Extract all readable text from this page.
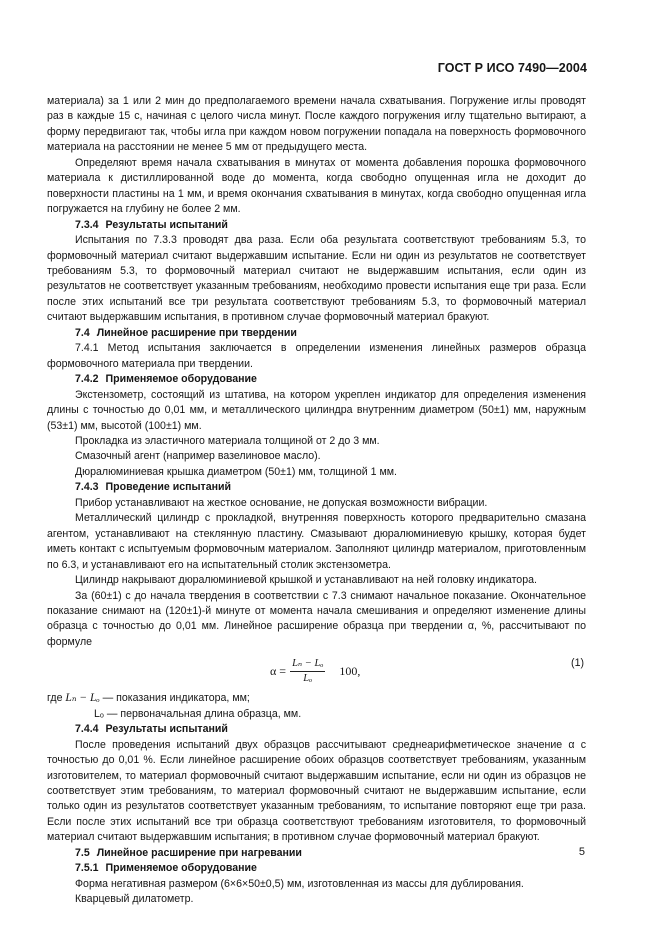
ГОСТ Р ИСО 7490—2004

материала) за 1 или 2 мин до предполагаемого времени начала схватывания. Погружение иглы проводят раз в каждые 15 с, начиная с целого числа минут. После каждого погружения иглу тщательно вытирают, а форму передвигают так, чтобы игла при каждом новом погружении попадала на поверхность формовочного материала на расстоянии не менее 5 мм от предыдущего места.

Определяют время начала схватывания в минутах от момента добавления порошка формовочного материала к дистиллированной воде до момента, когда свободно опущенная игла не доходит до поверхности пластины на 1 мм, и время окончания схватывания в минутах, когда свободно опущенная игла погружается на глубину не более 2 мм.

7.3.4 Результаты испытаний

Испытания по 7.3.3 проводят два раза. Если оба результата соответствуют требованиям 5.3, то формовочный материал считают выдержавшим испытание. Если ни один из результатов не соответствует требованиям 5.3, то формовочный материал считают не выдержавшим испытания, если один из результатов не соответствует указанным требованиям, необходимо провести испытания еще три раза. Если после этих испытаний все три результата соответствуют требованиям 5.3, то формовочный материал считают выдержавшим испытания, в противном случае формовочный материал бракуют.

7.4 Линейное расширение при твердении

7.4.1 Метод испытания заключается в определении изменения линейных размеров образца формовочного материала при твердении.

7.4.2 Применяемое оборудование

Экстензометр, состоящий из штатива, на котором укреплен индикатор для определения изменения длины с точностью до 0,01 мм, и металлического цилиндра внутренним диаметром (50±1) мм, наружным (53±1) мм, высотой (100±1) мм.

Прокладка из эластичного материала толщиной от 2 до 3 мм.

Смазочный агент (например вазелиновое масло).

Дюралюминиевая крышка диаметром (50±1) мм, толщиной 1 мм.

7.4.3 Проведение испытаний

Прибор устанавливают на жесткое основание, не допуская возможности вибрации.

Металлический цилиндр с прокладкой, внутренняя поверхность которого предварительно смазана агентом, устанавливают на стеклянную пластину. Смазывают дюралюминиевую крышку, которая будет иметь контакт с испытуемым формовочным материалом. Заполняют цилиндр материалом, приготовленным по 6.3, и устанавливают его на испытательный столик экстензометра.

Цилиндр накрывают дюралюминиевой крышкой и устанавливают на ней головку индикатора.

За (60±1) с до начала твердения в соответствии с 7.3 снимают начальное показание. Окончательное показание снимают на (120±1)-й минуте от момента начала смешивания и определяют изменение длины образца с точностью до 0,01 мм. Линейное расширение образца при твердении α, %, рассчитывают по формуле

$\alpha = \frac{\text{Lₙ − Lₒ}}{\text{Lₒ}} 100$,
(1)

где Lₙ − Lₒ — показания индикатора, мм;

Lₒ — первоначальная длина образца, мм.

7.4.4 Результаты испытаний

После проведения испытаний двух образцов рассчитывают среднеарифметическое значение α с точностью до 0,01 %. Если линейное расширение обоих образцов соответствует требованиям, указанным изготовителем, то материал формовочный считают выдержавшим испытание, если ни один из образцов не соответствует этим требованиям, то материал формовочный считают не выдержавшим испытание, если только один из результатов соответствует указанным требованиям, то испытание повторяют еще три раза. Если после этих испытаний все три образца соответствуют требованиям изготовителя, то формовочный материал считают выдержавшим испытания; в противном случае формовочный материал бракуют.

7.5 Линейное расширение при нагревании
7.5.1 Применяемое оборудование

Форма негативная размером (6×6×50±0,5) мм, изготовленная из массы для дублирования.

Кварцевый дилатометр.

5
